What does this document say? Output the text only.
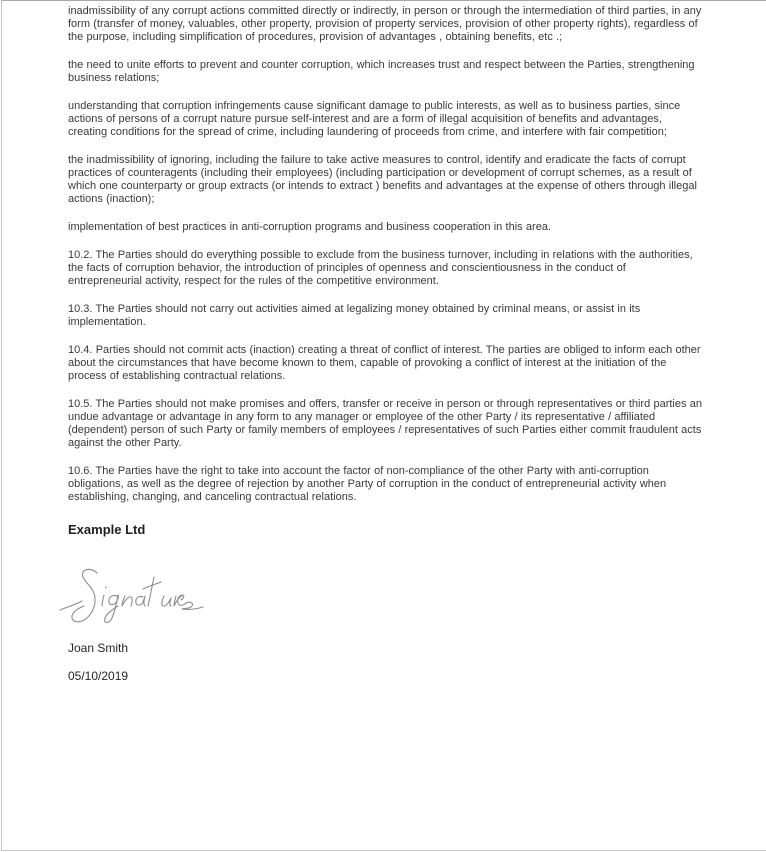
inadmissibility of any corrupt actions committed directly or indirectly, in person or through the intermediation of third parties, in any form (transfer of money, valuables, other property, provision of property services, provision of other property rights), regardless of the purpose, including simplification of procedures, provision of advantages , obtaining benefits, etc .;

the need to unite efforts to prevent and counter corruption, which increases trust and respect between the Parties, strengthening business relations;

understanding that corruption infringements cause significant damage to public interests, as well as to business parties, since actions of persons of a corrupt nature pursue self-interest and are a form of illegal acquisition of benefits and advantages, creating conditions for the spread of crime, including laundering of proceeds from crime, and interfere with fair competition;

the inadmissibility of ignoring, including the failure to take active measures to control, identify and eradicate the facts of corrupt practices of counteragents (including their employees) (including participation or development of corrupt schemes, as a result of which one counterparty or group extracts (or intends to extract ) benefits and advantages at the expense of others through illegal actions (inaction);

implementation of best practices in anti-corruption programs and business cooperation in this area.

10.2. The Parties should do everything possible to exclude from the business turnover, including in relations with the authorities, the facts of corruption behavior, the introduction of principles of openness and conscientiousness in the conduct of entrepreneurial activity, respect for the rules of the competitive environment.

10.3. The Parties should not carry out activities aimed at legalizing money obtained by criminal means, or assist in its implementation.

10.4. Parties should not commit acts (inaction) creating a threat of conflict of interest. The parties are obliged to inform each other about the circumstances that have become known to them, capable of provoking a conflict of interest at the initiation of the process of establishing contractual relations.

10.5. The Parties should not make promises and offers, transfer or receive in person or through representatives or third parties an undue advantage or advantage in any form to any manager or employee of the other Party / its representative / affiliated (dependent) person of such Party or family members of employees / representatives of such Parties either commit fraudulent acts against the other Party.

10.6. The Parties have the right to take into account the factor of non-compliance of the other Party with anti-corruption obligations, as well as the degree of rejection by another Party of corruption in the conduct of entrepreneurial activity when establishing, changing, and canceling contractual relations.

Example Ltd
Joan Smith
05/10/2019
